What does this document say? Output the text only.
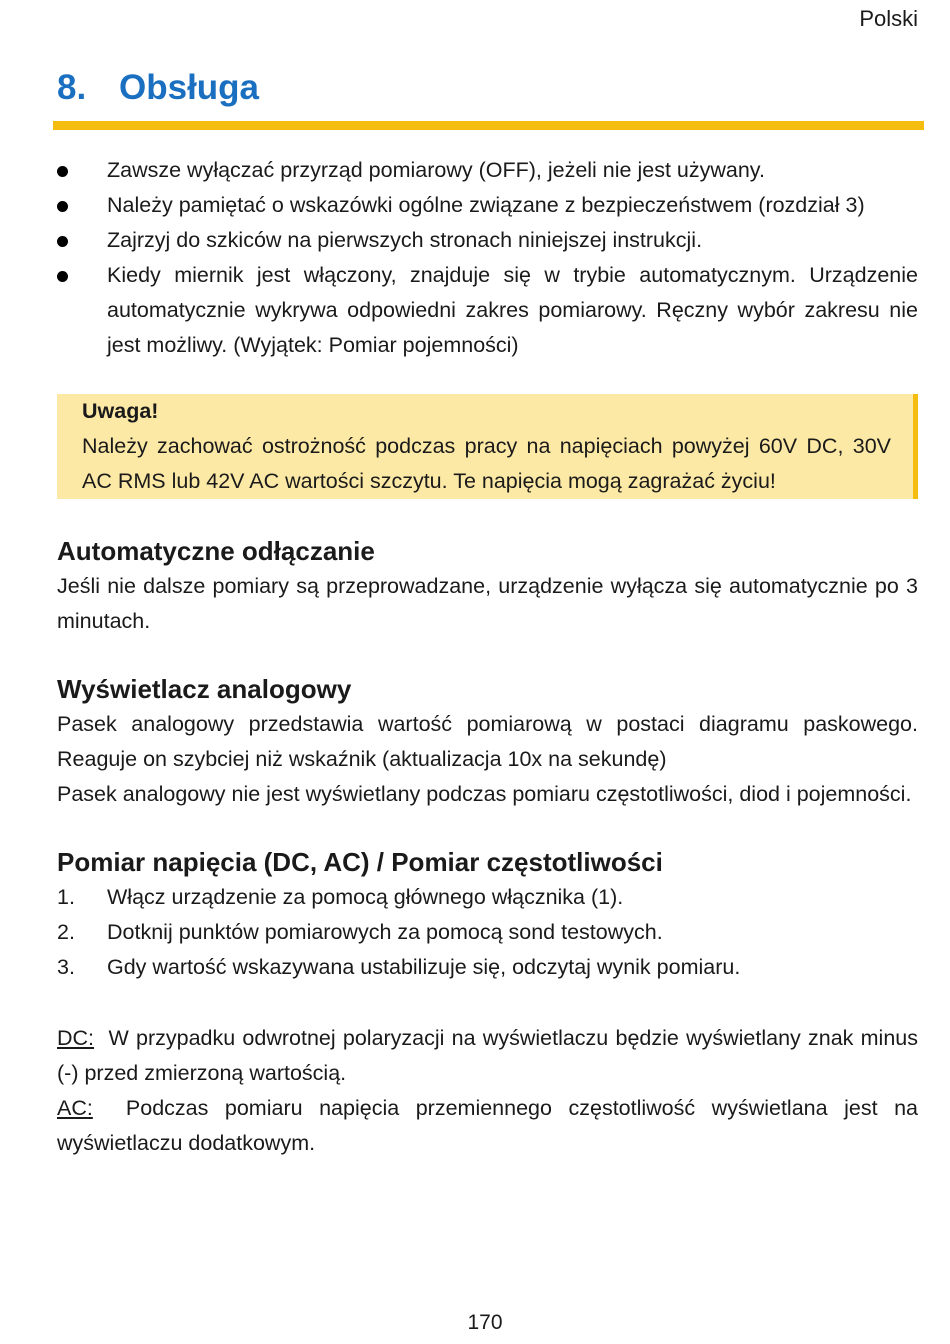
Polski
8. Obsługa
Zawsze wyłączać przyrząd pomiarowy (OFF), jeżeli nie jest używany.
Należy pamiętać o wskazówki ogólne związane z bezpieczeństwem (rozdział 3)
Zajrzyj do szkiców na pierwszych stronach niniejszej instrukcji.
Kiedy miernik jest włączony, znajduje się w trybie automatycznym. Urządzenie automatycznie wykrywa odpowiedni zakres pomiarowy. Ręczny wybór zakresu nie jest możliwy. (Wyjątek: Pomiar pojemności)
Uwaga!
Należy zachować ostrożność podczas pracy na napięciach powyżej 60V DC, 30V AC RMS lub 42V AC wartości szczytu. Te napięcia mogą zagrażać życiu!
Automatyczne odłączanie

Jeśli nie dalsze pomiary są przeprowadzane, urządzenie wyłącza się automatycznie po 3 minutach.

Wyświetlacz analogowy

Pasek analogowy przedstawia wartość pomiarową w postaci diagramu paskowego. Reaguje on szybciej niż wskaźnik (aktualizacja 10x na sekundę)

Pasek analogowy nie jest wyświetlany podczas pomiaru częstotliwości, diod i pojemności.

Pomiar napięcia (DC, AC) / Pomiar częstotliwości
1. Włącz urządzenie za pomocą głównego włącznika (1).
2. Dotknij punktów pomiarowych za pomocą sond testowych.
3. Gdy wartość wskazywana ustabilizuje się, odczytaj wynik pomiaru.

DC: W przypadku odwrotnej polaryzacji na wyświetlaczu będzie wyświetlany znak minus (-) przed zmierzoną wartością.

AC: Podczas pomiaru napięcia przemiennego częstotliwość wyświetlana jest na wyświetlaczu dodatkowym.

170
